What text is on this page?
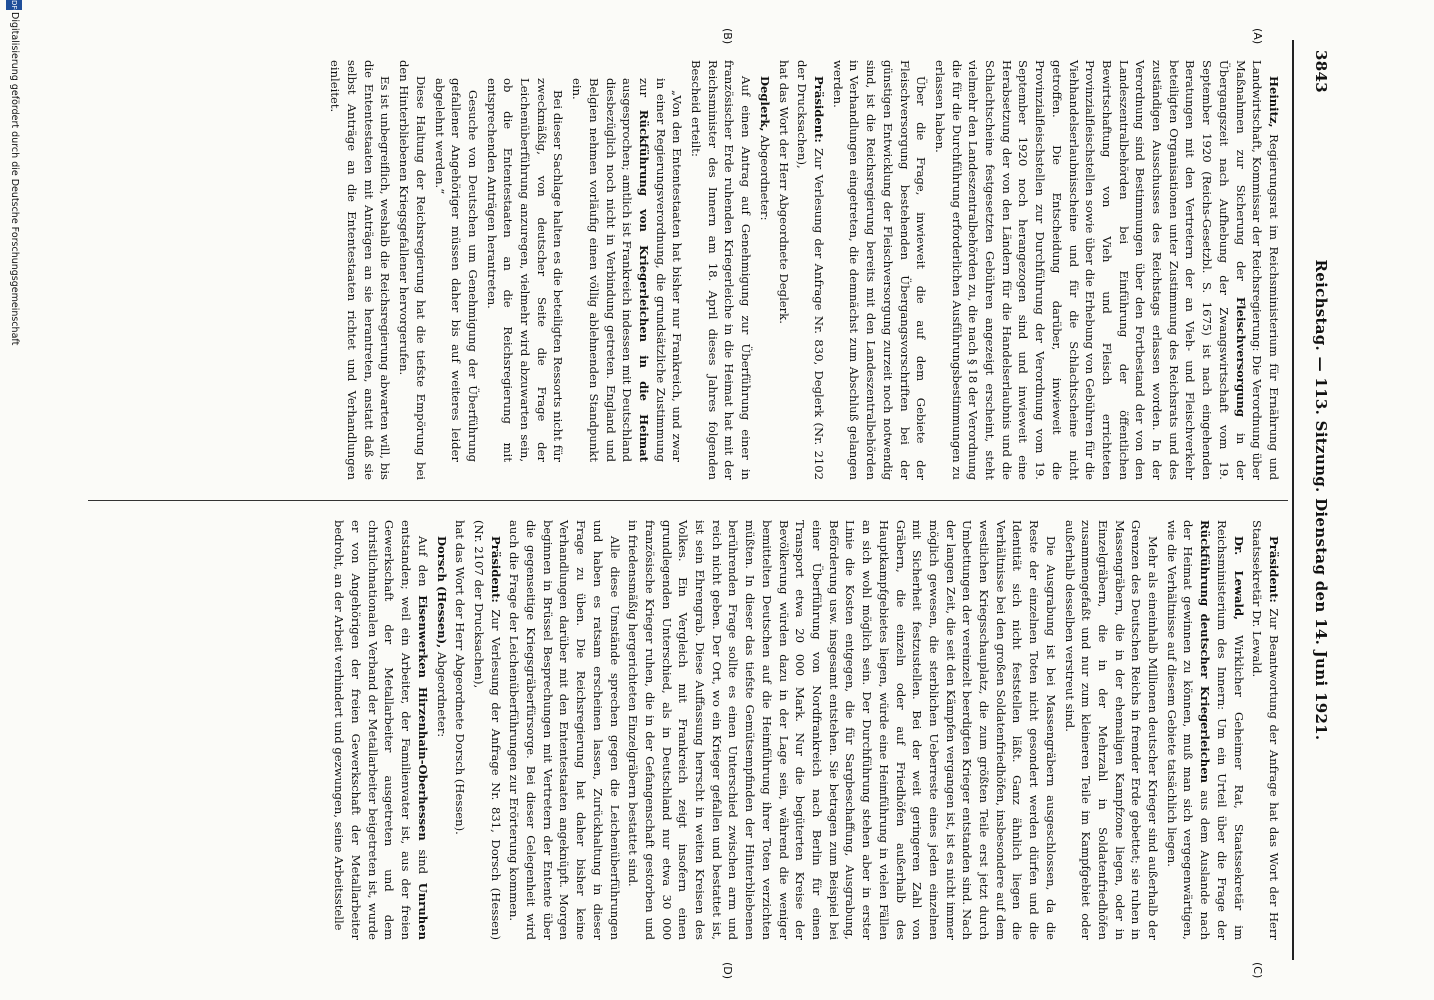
3843
Reichstag. — 113. Sitzung. Dienstag den 14. Juni 1921.
(A)
(B)
(C)
(D)

Heinitz, Regierungsrat im Reichsministerium für Ernährung und Landwirtschaft, Kommissar der Reichsregierung: Die Verordnung über Maßnahmen zur Sicherung der Fleischversorgung in der Übergangszeit nach Aufhebung der Zwangswirtschaft vom 19. September 1920 (Reichs-Gesetzbl. S. 1675) ist nach eingehenden Beratungen mit den Vertretern der an Vieh- und Fleischverkehr beteiligten Organisationen unter Zustimmung des Reichsrats und des zuständigen Ausschusses des Reichstags erlassen worden. In der Verordnung sind Bestimmungen über den Fortbestand der von den Landeszentralbehörden bei Einführung der öffentlichen Bewirtschaftung von Vieh und Fleisch errichteten Provinzialfleischstellen sowie über die Erhebung von Gebühren für die Viehhandelserlaubnisscheine und für die Schlachtscheine nicht getroffen. Die Entscheidung darüber, inwieweit die Provinzialfleischstellen zur Durchführung der Verordnung vom 19. September 1920 noch herangezogen sind und inwieweit eine Herabsetzung der von den Ländern für die Handelserlaubnis und die Schlachtscheine festgesetzten Gebühren angezeigt erscheint, steht vielmehr den Landeszentralbehörden zu, die nach § 18 der Verordnung die für die Durchführung erforderlichen Ausführungsbestimmungen zu erlassen haben.

Über die Frage, inwieweit die auf dem Gebiete der Fleischversorgung bestehenden Übergangsvorschriften bei der günstigen Entwicklung der Fleischversorgung zurzeit noch notwendig sind, ist die Reichsregierung bereits mit den Landeszentralbehörden in Verhandlungen eingetreten, die demnächst zum Abschluß gelangen werden.

Präsident: Zur Verlesung der Anfrage Nr. 830, Deglerk (Nr. 2102 der Drucksachen),

hat das Wort der Herr Abgeordnete Deglerk.

Deglerk, Abgeordneter:

Auf einen Antrag auf Genehmigung zur Überführung einer in französischer Erde ruhenden Kriegerleiche in die Heimat hat mit der Reichsminister des Innern am 18. April dieses Jahres folgenden Bescheid erteilt:

„Von den Ententestaaten hat bisher nur Frankreich, und zwar in einer Regierungsverordnung, die grundsätzliche Zustimmung zur Rückführung von Kriegerleichen in die Heimat ausgesprochen; amtlich ist Frankreich indessen mit Deutschland diesbezüglich noch nicht in Verbindung getreten. England und Belgien nehmen vorläufig einen völlig ablehnenden Standpunkt ein.

Bei dieser Sachlage halten es die beteiligten Ressorts nicht für zweckmäßig, von deutscher Seite die Frage der Leichenüberführung anzuregen, vielmehr wird abzuwarten sein, ob die Ententestaaten an die Reichsregierung mit entsprechenden Anträgen herantreten.

Gesuche von Deutschen um Genehmigung der Überführung gefallener Angehöriger müssen daher bis auf weiteres leider abgelehnt werden.“

Diese Haltung der Reichsregierung hat die tiefste Empörung bei den Hinterbliebenen Kriegsgefallener hervorgerufen.

Es ist unbegreiflich, weshalb die Reichsregierung abwarten will, bis die Ententestaaten mit Anträgen an sie herantreten, anstatt daß sie selbst Anträge an die Ententestaaten richtet und Verhandlungen einleitet.

Präsident: Zur Beantwortung der Anfrage hat das Wort der Herr Staatssekretär Dr. Lewald.

Dr. Lewald, Wirklicher Geheimer Rat, Staatssekretär im Reichsministerium des Innern: Um ein Urteil über die Frage der Rückführung deutscher Kriegerleichen aus dem Auslande nach der Heimat gewinnen zu können, muß man sich vergegenwärtigen, wie die Verhältnisse auf diesem Gebiete tatsächlich liegen.

Mehr als eineinhalb Millionen deutscher Krieger sind außerhalb der Grenzen des Deutschen Reichs in fremder Erde gebettet; sie ruhen in Massengräbern, die in der ehemaligen Kampfzone liegen, oder in Einzelgräbern, die in der Mehrzahl in Soldatenfriedhöfen zusammengefaßt und nur zum kleineren Teile im Kampfgebiet oder außerhalb desselben verstreut sind.

Die Ausgrabung ist bei Massengräbern ausgeschlossen, da die Reste der einzelnen Toten nicht gesondert werden dürfen und die Identität sich nicht feststellen läßt. Ganz ähnlich liegen die Verhältnisse bei den großen Soldatenfriedhöfen, insbesondere auf dem westlichen Kriegsschauplatz, die zum größten Teile erst jetzt durch Umbettungen der vereinzelt beerdigten Krieger entstanden sind. Nach der langen Zeit, die seit den Kämpfen vergangen ist, ist es nicht immer möglich gewesen, die sterblichen Ueberreste eines jeden einzelnen mit Sicherheit festzustellen. Bei der weit geringeren Zahl von Gräbern, die einzeln oder auf Friedhöfen außerhalb des Hauptkampfgebietes liegen, würde eine Heimführung in vielen Fällen an sich wohl möglich sein. Der Durchführung stehen aber in erster Linie die Kosten entgegen, die für Sargbeschaffung, Ausgrabung, Beförderung usw. insgesamt entstehen. Sie betragen zum Beispiel bei einer Überführung von Nordfrankreich nach Berlin für einen Transport etwa 20 000 Mark. Nur die begüterten Kreise der Bevölkerung würden dazu in der Lage sein, während die weniger bemittelten Deutschen auf die Heimführung ihrer Toten verzichten müßten. In dieser das tiefste Gemütsempfinden der Hinterbliebenen berührenden Frage sollte es einen Unterschied zwischen arm und reich nicht geben. Der Ort, wo ein Krieger gefallen und bestattet ist, ist sein Ehrengrab. Diese Auffassung herrscht in weiten Kreisen des Volkes. Ein Vergleich mit Frankreich zeigt insofern einen grundlegenden Unterschied, als in Deutschland nur etwa 30 000 französische Krieger ruhen, die in der Gefangenschaft gestorben und in friedensmäßig hergerichteten Einzelgräbern bestattet sind.

Alle diese Umstände sprechen gegen die Leichenüberführungen und haben es ratsam erscheinen lassen, Zurückhaltung in dieser Frage zu üben. Die Reichsregierung hat daher bisher keine Verhandlungen darüber mit den Ententestaaten angeknüpft. Morgen beginnen in Brüssel Besprechungen mit Vertretern der Entente über die gegenseitige Kriegsgräberfürsorge. Bei dieser Gelegenheit wird auch die Frage der Leichenüberführungen zur Erörterung kommen.

Präsident: Zur Verlesung der Anfrage Nr. 831, Dorsch (Hessen) (Nr. 2107 der Drucksachen),

hat das Wort der Herr Abgeordnete Dorsch (Hessen).

Dorsch (Hessen), Abgeordneter:

Auf den Eisenwerken Hirzenhain-Oberhessen sind Unruhen entstanden; weil ein Arbeiter, der Familienvater ist, aus der freien Gewerkschaft der Metallarbeiter ausgetreten und dem christlichnationalen Verband der Metallarbeiter beigetreten ist, wurde er von Angehörigen der freien Gewerkschaft der Metallarbeiter bedroht, an der Arbeit verhindert und gezwungen, seine Arbeitsstelle

DFG
Digitalisierung gefördert durch die Deutsche Forschungsgemeinschaft
